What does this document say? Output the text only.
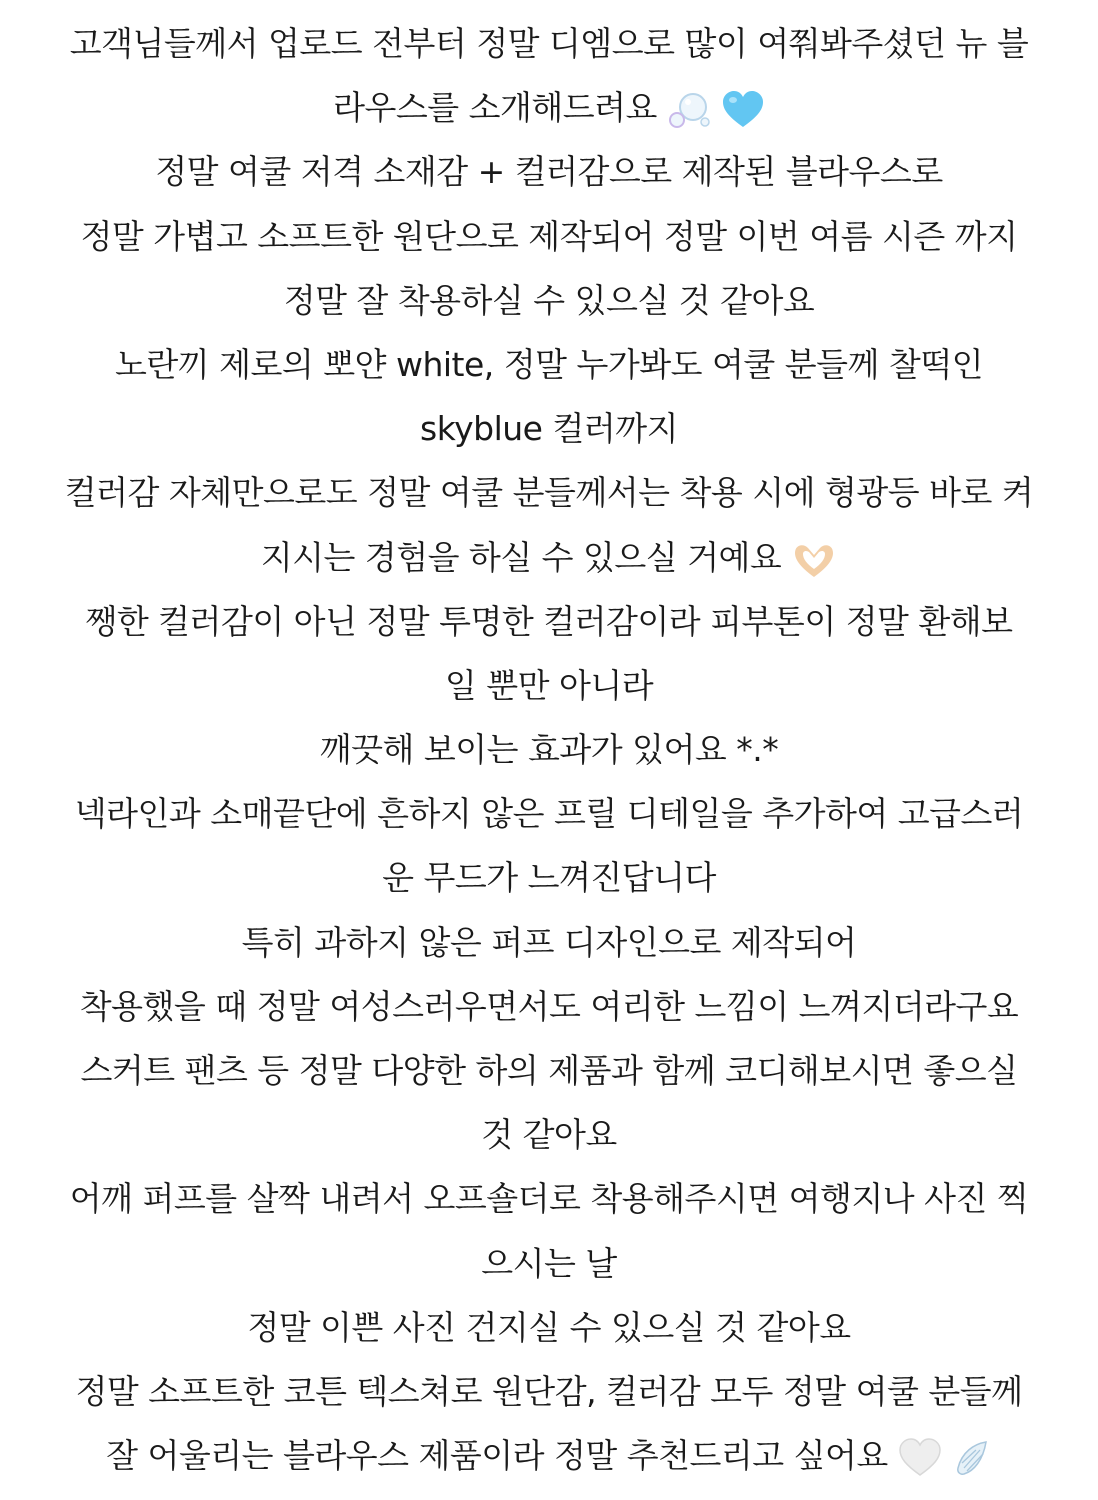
고객님들께서 업로드 전부터 정말 디엠으로 많이 여쭤봐주셨던 뉴 블
라우스를 소개해드려요
정말 여쿨 저격 소재감 + 컬러감으로 제작된 블라우스로
정말 가볍고 소프트한 원단으로 제작되어 정말 이번 여름 시즌 까지
정말 잘 착용하실 수 있으실 것 같아요
노란끼 제로의 뽀얀 white, 정말 누가봐도 여쿨 분들께 찰떡인
skyblue 컬러까지
컬러감 자체만으로도 정말 여쿨 분들께서는 착용 시에 형광등 바로 켜
지시는 경험을 하실 수 있으실 거예요
쨍한 컬러감이 아닌 정말 투명한 컬러감이라 피부톤이 정말 환해보
일 뿐만 아니라
깨끗해 보이는 효과가 있어요 *.*
넥라인과 소매끝단에 흔하지 않은 프릴 디테일을 추가하여 고급스러
운 무드가 느껴진답니다
특히 과하지 않은 퍼프 디자인으로 제작되어
착용했을 때 정말 여성스러우면서도 여리한 느낌이 느껴지더라구요
스커트 팬츠 등 정말 다양한 하의 제품과 함께 코디해보시면 좋으실
것 같아요
어깨 퍼프를 살짝 내려서 오프숄더로 착용해주시면 여행지나 사진 찍
으시는 날
정말 이쁜 사진 건지실 수 있으실 것 같아요
정말 소프트한 코튼 텍스쳐로 원단감, 컬러감 모두 정말 여쿨 분들께
잘 어울리는 블라우스 제품이라 정말 추천드리고 싶어요
